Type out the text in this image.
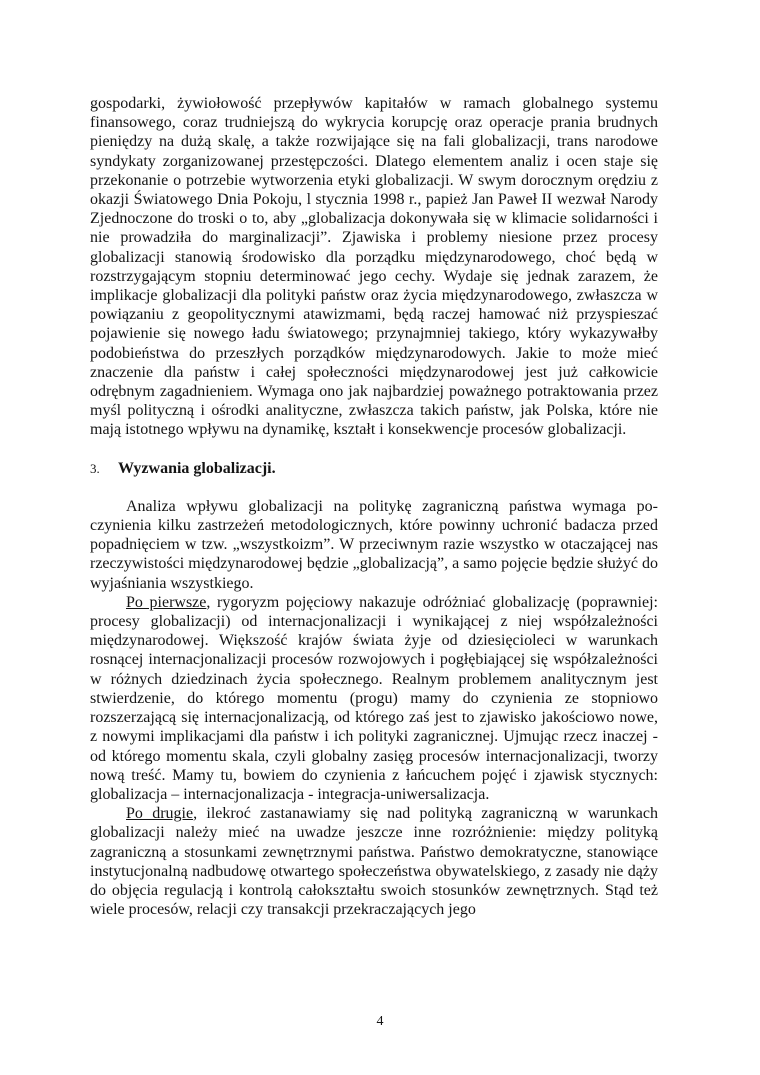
gospodarki, żywiołowość przepływów kapitałów w ramach globalnego systemu finansowego, coraz trudniejszą do wykrycia korupcję oraz operacje prania brudnych pieniędzy na dużą skalę, a także rozwijające się na fali globalizacji, trans narodowe syndykaty zorganizowanej przestępczości. Dlatego elementem analiz i ocen staje się przekonanie o potrzebie wytworzenia etyki globalizacji. W swym dorocznym orędziu z okazji Światowego Dnia Pokoju, l stycznia 1998 r., papież Jan Paweł II wezwał Narody Zjednoczone do troski o to, aby „globalizacja dokonywała się w klimacie solidarności i nie prowadziła do marginalizacji”. Zjawiska i problemy niesione przez procesy globalizacji stanowią środowisko dla porządku międzynarodowego, choć będą w rozstrzygającym stopniu determinować jego cechy. Wydaje się jednak zarazem, że implikacje globalizacji dla polityki państw oraz życia międzynarodowego, zwłaszcza w powiązaniu z geopolitycznymi atawizmami, będą raczej hamować niż przyspieszać pojawienie się nowego ładu światowego; przynajmniej takiego, który wykazywałby podobieństwa do przeszłych porządków międzynarodowych. Jakie to może mieć znaczenie dla państw i całej społeczności międzynarodowej jest już całkowicie odrębnym zagadnieniem. Wymaga ono jak najbardziej poważnego potraktowania przez myśl polityczną i ośrodki analityczne, zwłaszcza takich państw, jak Polska, które nie mają istotnego wpływu na dynamikę, kształt i konsekwencje procesów globalizacji.

3. Wyzwania globalizacji.

Analiza wpływu globalizacji na politykę zagraniczną państwa wymaga poczynienia kilku zastrzeżeń metodologicznych, które powinny uchronić badacza przed popadnięciem w tzw. „wszystkoizm”. W przeciwnym razie wszystko w otaczającej nas rzeczywistości międzynarodowej będzie „globalizacją”, a samo pojęcie będzie służyć do wyjaśniania wszystkiego.

Po pierwsze, rygoryzm pojęciowy nakazuje odróżniać globalizację (poprawniej: procesy globalizacji) od internacjonalizacji i wynikającej z niej współzależności międzynarodowej. Większość krajów świata żyje od dziesięcioleci w warunkach rosnącej internacjonalizacji procesów rozwojowych i pogłębiającej się współzależności w różnych dziedzinach życia społecznego. Realnym problemem analitycznym jest stwierdzenie, do którego momentu (progu) mamy do czynienia ze stopniowo rozszerzającą się internacjonalizacją, od którego zaś jest to zjawisko jakościowo nowe, z nowymi implikacjami dla państw i ich polityki zagranicznej. Ujmując rzecz inaczej - od którego momentu skala, czyli globalny zasięg procesów internacjonalizacji, tworzy nową treść. Mamy tu, bowiem do czynienia z łańcuchem pojęć i zjawisk stycznych: globalizacja – internacjonalizacja - integracja-uniwersalizacja.

Po drugie, ilekroć zastanawiamy się nad polityką zagraniczną w warunkach globalizacji należy mieć na uwadze jeszcze inne rozróżnienie: między polityką zagraniczną a stosunkami zewnętrznymi państwa. Państwo demokratyczne, stanowiące instytucjonalną nadbudowę otwartego społeczeństwa obywatelskiego, z zasady nie dąży do objęcia regulacją i kontrolą całokształtu swoich stosunków zewnętrznych. Stąd też wiele procesów, relacji czy transakcji przekraczających jego

4
